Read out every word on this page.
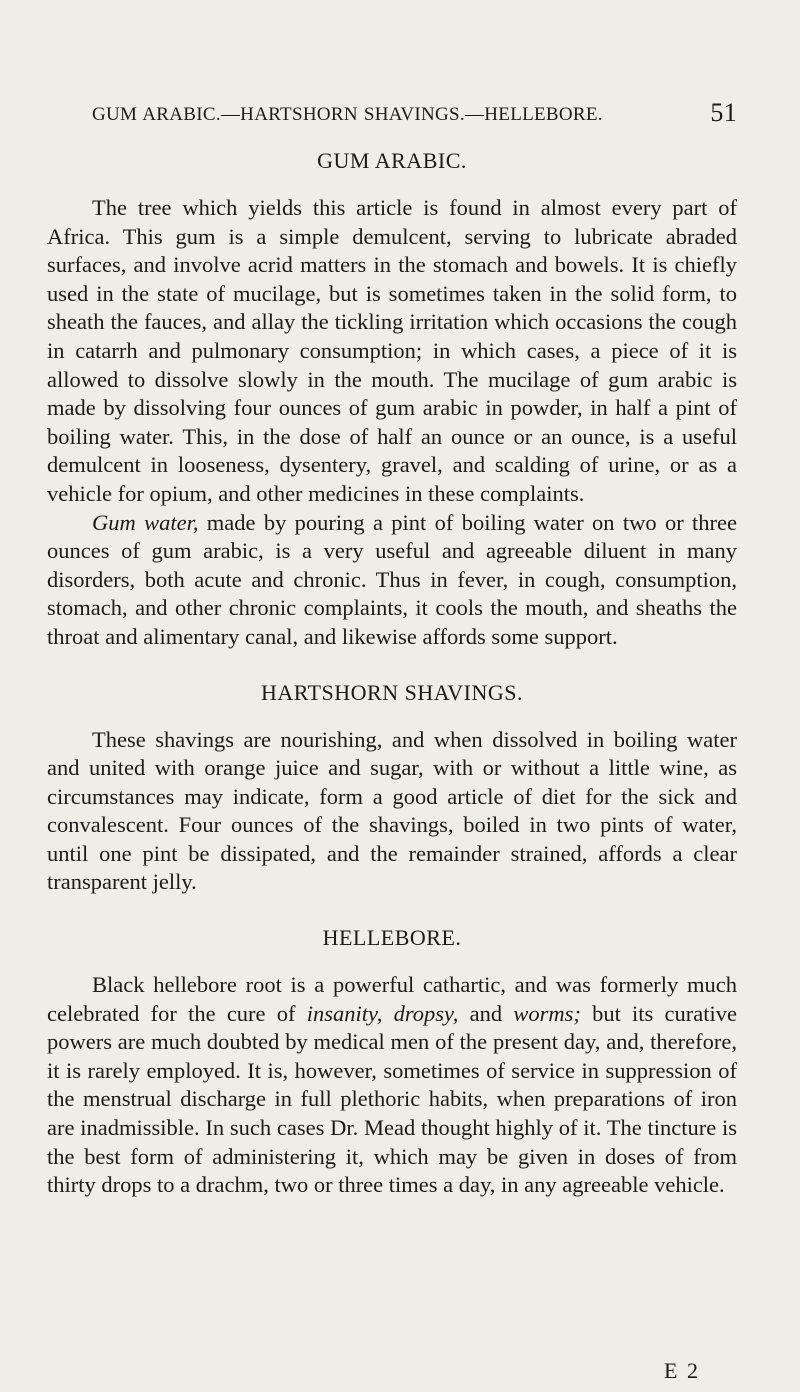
GUM ARABIC.—HARTSHORN SHAVINGS.—HELLEBORE.	51
GUM ARABIC.

The tree which yields this article is found in almost every part of Africa. This gum is a simple demulcent, serving to lubricate abraded surfaces, and involve acrid matters in the stomach and bowels. It is chiefly used in the state of mucilage, but is sometimes taken in the solid form, to sheath the fauces, and allay the tickling irritation which occasions the cough in catarrh and pulmonary consumption; in which cases, a piece of it is allowed to dissolve slowly in the mouth. The mucilage of gum arabic is made by dissolving four ounces of gum arabic in powder, in half a pint of boiling water. This, in the dose of half an ounce or an ounce, is a useful demulcent in looseness, dysentery, gravel, and scalding of urine, or as a vehicle for opium, and other medicines in these complaints.

Gum water, made by pouring a pint of boiling water on two or three ounces of gum arabic, is a very useful and agreeable diluent in many disorders, both acute and chronic. Thus in fever, in cough, consumption, stomach, and other chronic complaints, it cools the mouth, and sheaths the throat and alimentary canal, and likewise affords some support.

HARTSHORN SHAVINGS.

These shavings are nourishing, and when dissolved in boiling water and united with orange juice and sugar, with or without a little wine, as circumstances may indicate, form a good article of diet for the sick and convalescent. Four ounces of the shavings, boiled in two pints of water, until one pint be dissipated, and the remainder strained, affords a clear transparent jelly.

HELLEBORE.

Black hellebore root is a powerful cathartic, and was formerly much celebrated for the cure of insanity, dropsy, and worms; but its curative powers are much doubted by medical men of the present day, and, therefore, it is rarely employed. It is, however, sometimes of service in suppression of the menstrual discharge in full plethoric habits, when preparations of iron are inadmissible. In such cases Dr. Mead thought highly of it. The tincture is the best form of administering it, which may be given in doses of from thirty drops to a drachm, two or three times a day, in any agreeable vehicle.

E 2
